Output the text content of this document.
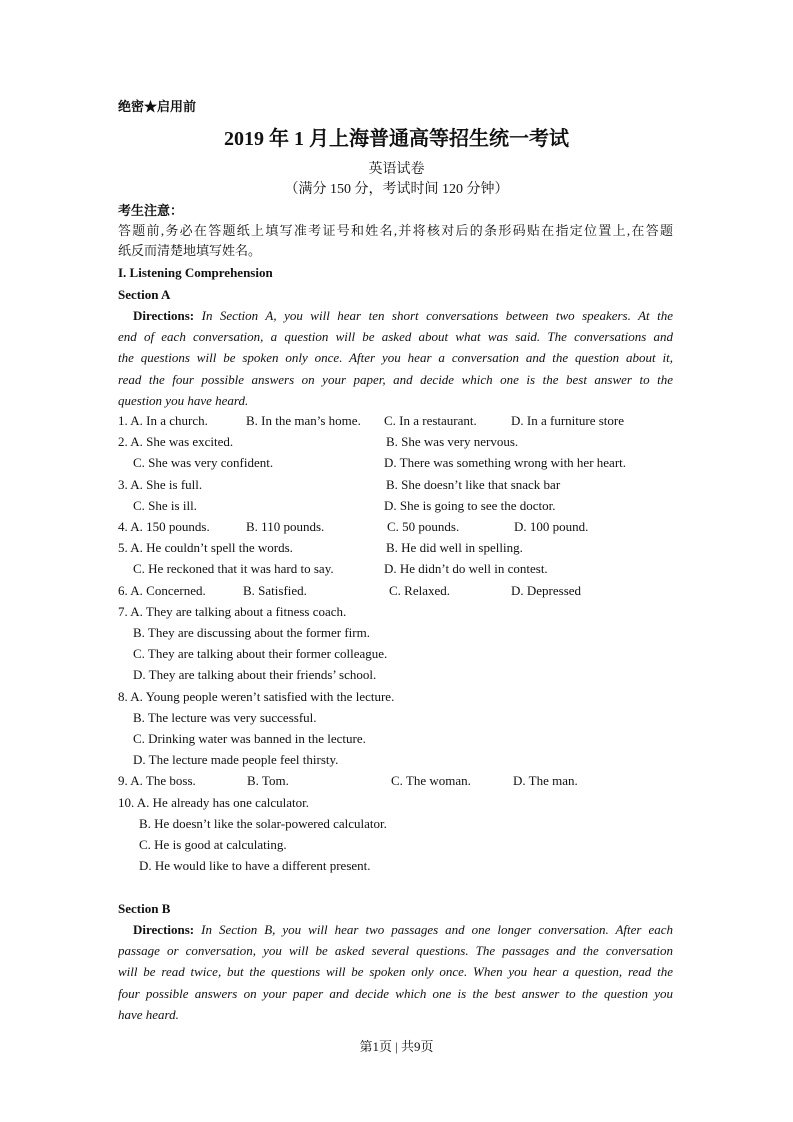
绝密★启用前
2019 年 1 月上海普通高等招生统一考试
英语试卷
（满分 150 分，考试时间 120 分钟）
考生注意：
答题前,务必在答题纸上填写准考证号和姓名,并将核对后的条形码贴在指定位置上,在答题
纸反而清楚地填写姓名。
I. Listening Comprehension
Section A
Directions: In Section A, you will hear ten short conversations between two speakers. At the
end of each conversation, a question will be asked about what was said. The conversations and
the questions will be spoken only once. After you hear a conversation and the question about it,
read the four possible answers on your paper, and decide which one is the best answer to the
question you have heard.
1. A. In a church.	B. In the man’s home. C. In a restaurant.	D. In a furniture store
2. A. She was excited.	B. She was very nervous.
C. She was very confident.	D. There was something wrong with her heart.
3. A. She is full.	B. She doesn’t like that snack bar
C. She is ill.	D. She is going to see the doctor.
4. A. 150 pounds.	B. 110 pounds.	C. 50 pounds.	D. 100 pound.
5. A. He couldn’t spell the words.	B. He did well in spelling.
C. He reckoned that it was hard to say.	D. He didn’t do well in contest.
6. A. Concerned.	B. Satisfied.	C. Relaxed.	D. Depressed
7. A. They are talking about a fitness coach.
B. They are discussing about the former firm.
C. They are talking about their former colleague.
D. They are talking about their friends’ school.
8. A. Young people weren’t satisfied with the lecture.
B. The lecture was very successful.
C. Drinking water was banned in the lecture.
D. The lecture made people feel thirsty.
9. A. The boss.	B. Tom.	C. The woman.	D. The man.
10. A. He already has one calculator.
B. He doesn’t like the solar-powered calculator.
C. He is good at calculating.
D. He would like to have a different present.
Section B
Directions: In Section B, you will hear two passages and one longer conversation. After each
passage or conversation, you will be asked several questions. The passages and the conversation
will be read twice, but the questions will be spoken only once. When you hear a question, read the
four possible answers on your paper and decide which one is the best answer to the question you
have heard.
第1页 | 共9页
